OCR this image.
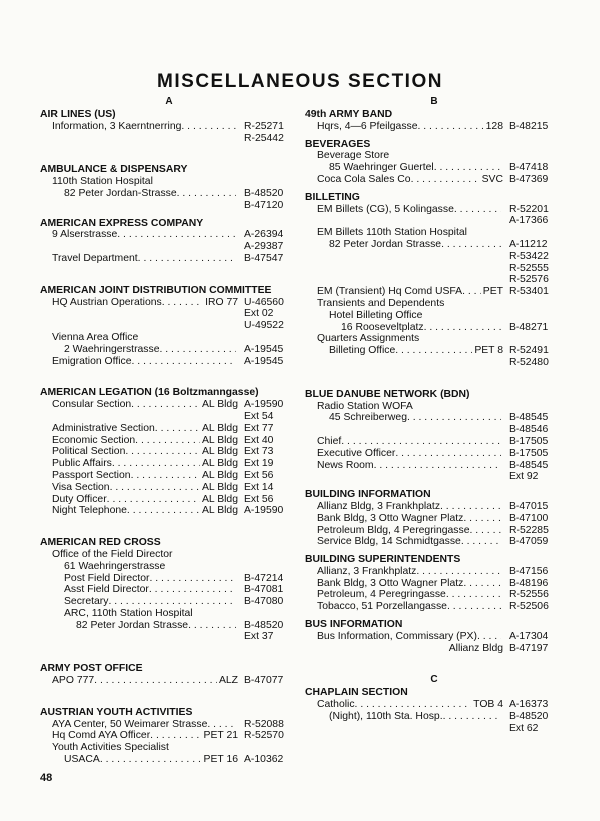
MISCELLANEOUS SECTION
A
AIR LINES (US)
Information, 3 Kaerntnerring . . .	R-25271
R-25442
AMBULANCE & DISPENSARY
110th Station Hospital
82 Peter Jordan-Strasse . . .	B-48520
B-47120
AMERICAN EXPRESS COMPANY
9 Alserstrasse . . .	A-26394
A-29387
Travel Department . . .	B-47547
AMERICAN JOINT DISTRIBUTION COMMITTEE
HQ Austrian Operations . . .	IRO 77 U-46560
Ext 02
U-49522
Vienna Area Office
2 Waehringerstrasse . . .	A-19545
Emigration Office . . .	A-19545
AMERICAN LEGATION (16 Boltzmanngasse)
Consular Section . . .	AL Bldg A-19590
Ext 54
Administrative Section . . .	AL Bldg Ext 77
Economic Section . . .	AL Bldg Ext 40
Political Section . . .	AL Bldg Ext 73
Public Affairs . . .	AL Bldg Ext 19
Passport Section . . .	AL Bldg Ext 56
Visa Section . . .	AL Bldg Ext 14
Duty Officer . . .	AL Bldg Ext 56
Night Telephone . . .	AL Bldg A-19590
AMERICAN RED CROSS
Office of the Field Director
61 Waehringerstrasse
Post Field Director . . .	B-47214
Asst Field Director . . .	B-47081
Secretary . . .	B-47080
ARC, 110th Station Hospital
82 Peter Jordan Strasse . . .	B-48520
Ext 37
ARMY POST OFFICE
APO 777 . . .	ALZ B-47077
AUSTRIAN YOUTH ACTIVITIES
AYA Center, 50 Weimarer Strasse . . .	R-52088
Hq Comd AYA Officer . . .	PET 21 R-52570
Youth Activities Specialist
USACA . . .	PET 16 A-10362
B
49th ARMY BAND
Hqrs, 4—6 Pfeilgasse . . .	128 B-48215
BEVERAGES
Beverage Store
85 Waehringer Guertel . . .	B-47418
Coca Cola Sales Co . . .	SVC B-47369
BILLETING
EM Billets (CG), 5 Kolingasse . . .	R-52201
A-17366
EM Billets 110th Station Hospital
82 Peter Jordan Strasse . . .	A-11212
R-53422
R-52555
R-52576
EM (Transient) Hq Comd USFA . . . PET R-53401
Transients and Dependents
Hotel Billeting Office
16 Rooseveltplatz . . .	B-48271
Quarters Assignments
Billeting Office . . .	PET 8 R-52491
R-52480
BLUE DANUBE NETWORK (BDN)
Radio Station WOFA
45 Schreiberweg . . .	B-48545
B-48546
Chief . . .	B-17505
Executive Officer . . .	B-17505
News Room . . .	B-48545
Ext 92
BUILDING INFORMATION
Allianz Bldg, 3 Frankhplatz . . .	B-47015
Bank Bldg, 3 Otto Wagner Platz . . .	B-47100
Petroleum Bldg, 4 Peregringasse . . .	R-52285
Service Bldg, 14 Schmidtgasse . . .	B-47059
BUILDING SUPERINTENDENTS
Allianz, 3 Frankhplatz . . .	B-47156
Bank Bldg, 3 Otto Wagner Platz . . .	B-48196
Petroleum, 4 Peregringasse . . .	R-52556
Tobacco, 51 Porzellangasse . . .	R-52506
BUS INFORMATION
Bus Information, Commissary (PX) . . .	A-17304
Allianz Bldg B-47197
C
CHAPLAIN SECTION
Catholic . . .	TOB 4 A-16373
(Night), 110th Sta. Hosp. . . .	B-48520
Ext 62
48
